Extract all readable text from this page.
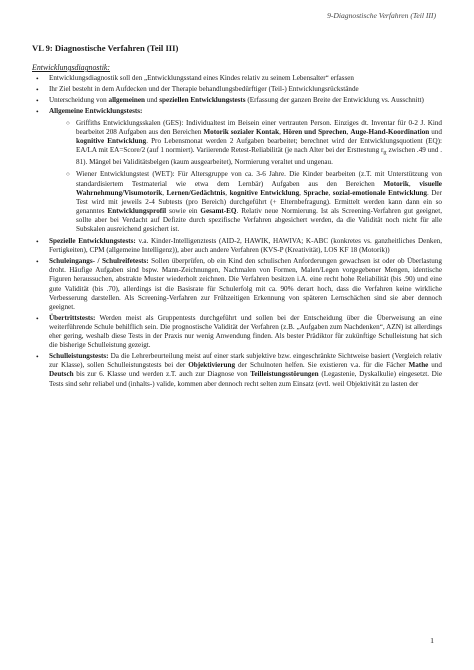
9-Diagnostische Verfahren (Teil III)
VL 9: Diagnostische Verfahren (Teil III)
Entwicklungsdiagnostik:
• Entwicklungsdiagnostik soll den „Entwicklungsstand eines Kindes relativ zu seinem Lebensalter“ erfassen
• Ihr Ziel besteht in dem Aufdecken und der Therapie behandlungsbedürftiger (Teil-) Entwicklungsrückstände
• Unterscheidung von allgemeinen und speziellen Entwicklungstests (Erfassung der ganzen Breite der Entwicklung vs. Ausschnitt)
• Allgemeine Entwicklungstests:
○ Griffiths Entwicklungsskalen (GES): Individualtest im Beisein einer vertrauten Person. Einziges dt. Inventar für 0-2 J. Kind bearbeitet 208 Aufgaben aus den Bereichen Motorik sozialer Kontak, Hören und Sprechen, Auge-Hand-Koordination und kognitive Entwicklung. Pro Lebensmonat werden 2 Aufgaben bearbeitet; berechnet wird der Entwicklungsquotient (EQ): EA/LA mit EA=Score/2 (auf 1 normiert). Variierende Retest-Reliabilität (je nach Alter bei der Ersttestung $r_{tt}$ zwischen .49 und . 81). Mängel bei Validitätsbelgen (kaum ausgearbeitet), Normierung veraltet und ungenau.
○ Wiener Entwicklungstest (WET): Für Altersgruppe von ca. 3-6 Jahre. Die Kinder bearbeiten (z.T. mit Unterstützung von standardisiertem Testmaterial wie etwa dem Lernbär) Aufgaben aus den Bereichen Motorik, visuelle Wahrnehmung/Visumotorik, Lernen/Gedächtnis, kognitive Entwicklung, Sprache, sozial-emotionale Entwicklung. Der Test wird mit jeweils 2-4 Subtests (pro Bereich) durchgeführt (+ Elternbefragung). Ermittelt werden kann dann ein so genanntes Entwicklungsprofil sowie ein Gesamt-EQ. Relativ neue Normierung. Ist als Screening-Verfahren gut geeignet, sollte aber bei Verdacht auf Defizite durch spezifische Verfahren abgesichert werden, da die Validität noch nicht für alle Subskalen ausreichend gesichert ist.
• Spezielle Entwicklungstests: v.a. Kinder-Intelligenztests (AID-2, HAWIK, HAWIVA; K-ABC (konkretes vs. ganzheitliches Denken, Fertigkeiten), CPM (allgemeine Intelligenz)), aber auch andere Verfahren (KVS-P (Kreativität), LOS KF 18 (Motorik))
• Schuleingangs- / Schulreifetests: Sollen überprüfen, ob ein Kind den schulischen Anforderungen gewachsen ist oder ob Überlastung droht. Häufige Aufgaben sind bspw. Mann-Zeichnungen, Nachmalen von Formen, Malen/Legen vorgegebener Mengen, identische Figuren heraussuchen, abstrakte Muster wiederholt zeichnen. Die Verfahren besitzen i.A. eine recht hohe Reliabilität (bis .90) und eine gute Validität (bis .70), allerdings ist die Basisrate für Schulerfolg mit ca. 90% derart hoch, dass die Verfahren keine wirkliche Verbesserung darstellen. Als Screening-Verfahren zur Frühzeitigen Erkennung von späteren Lernschächen sind sie aber dennoch geeignet.
• Übertrittstests: Werden meist als Gruppentests durchgeführt und sollen bei der Entscheidung über die Überweisung an eine weiterführende Schule behilflich sein. Die prognostische Validität der Verfahren (z.B. „Aufgaben zum Nachdenken“, AZN) ist allerdings eher gering, weshalb diese Tests in der Praxis nur wenig Anwendung finden. Als bester Prädiktor für zukünftige Schulleistung hat sich die bisherige Schulleistung gezeigt.
• Schulleistungstests: Da die Lehrerbeurteilung meist auf einer stark subjektive bzw. eingeschränkte Sichtweise basiert (Vergleich relativ zur Klasse), sollen Schulleistungstests bei der Objektivierung der Schulnoten helfen. Sie existieren v.a. für die Fächer Mathe und Deutsch bis zur 6. Klasse und werden z.T. auch zur Diagnose von Teilleistungsstörungen (Legastenie, Dyskalkulie) eingesetzt. Die Tests sind sehr reliabel und (inhalts-) valide, kommen aber dennoch recht selten zum Einsatz (evtl. weil Objektivität zu lasten der
1
